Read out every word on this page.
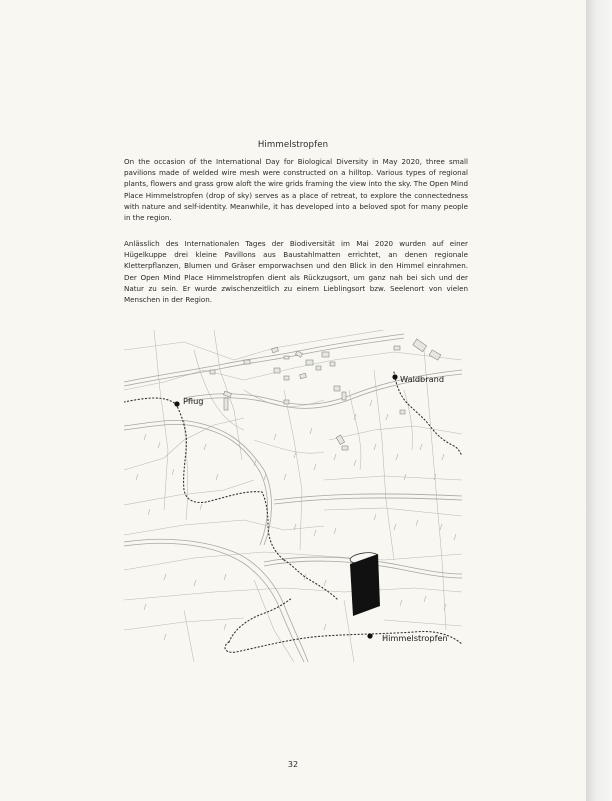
Himmelstropfen

On the occasion of the International Day for Biological Diversity in May 2020, three small pavilions made of welded wire mesh were constructed on a hilltop. Various types of regional plants, flowers and grass grow aloft the wire grids framing the view into the sky. The Open Mind Place Himmelstropfen (drop of sky) serves as a place of retreat, to explore the connectedness with nature and self-identity. Meanwhile, it has developed into a beloved spot for many people in the region.

Anlässlich des Internationalen Tages der Biodiversität im Mai 2020 wurden auf einer Hügelkuppe drei kleine Pavillons aus Baustahlmatten errichtet, an denen regionale Kletterpflanzen, Blumen und Gräser emporwachsen und den Blick in den Himmel einrahmen. Der Open Mind Place Himmelstropfen dient als Rückzugsort, um ganz nah bei sich und der Natur zu sein. Er wurde zwischenzeitlich zu einem Lieblingsort bzw. Seelenort von vielen Menschen in der Region.

Waldbrand
Pflug
Himmelstropfen
32
